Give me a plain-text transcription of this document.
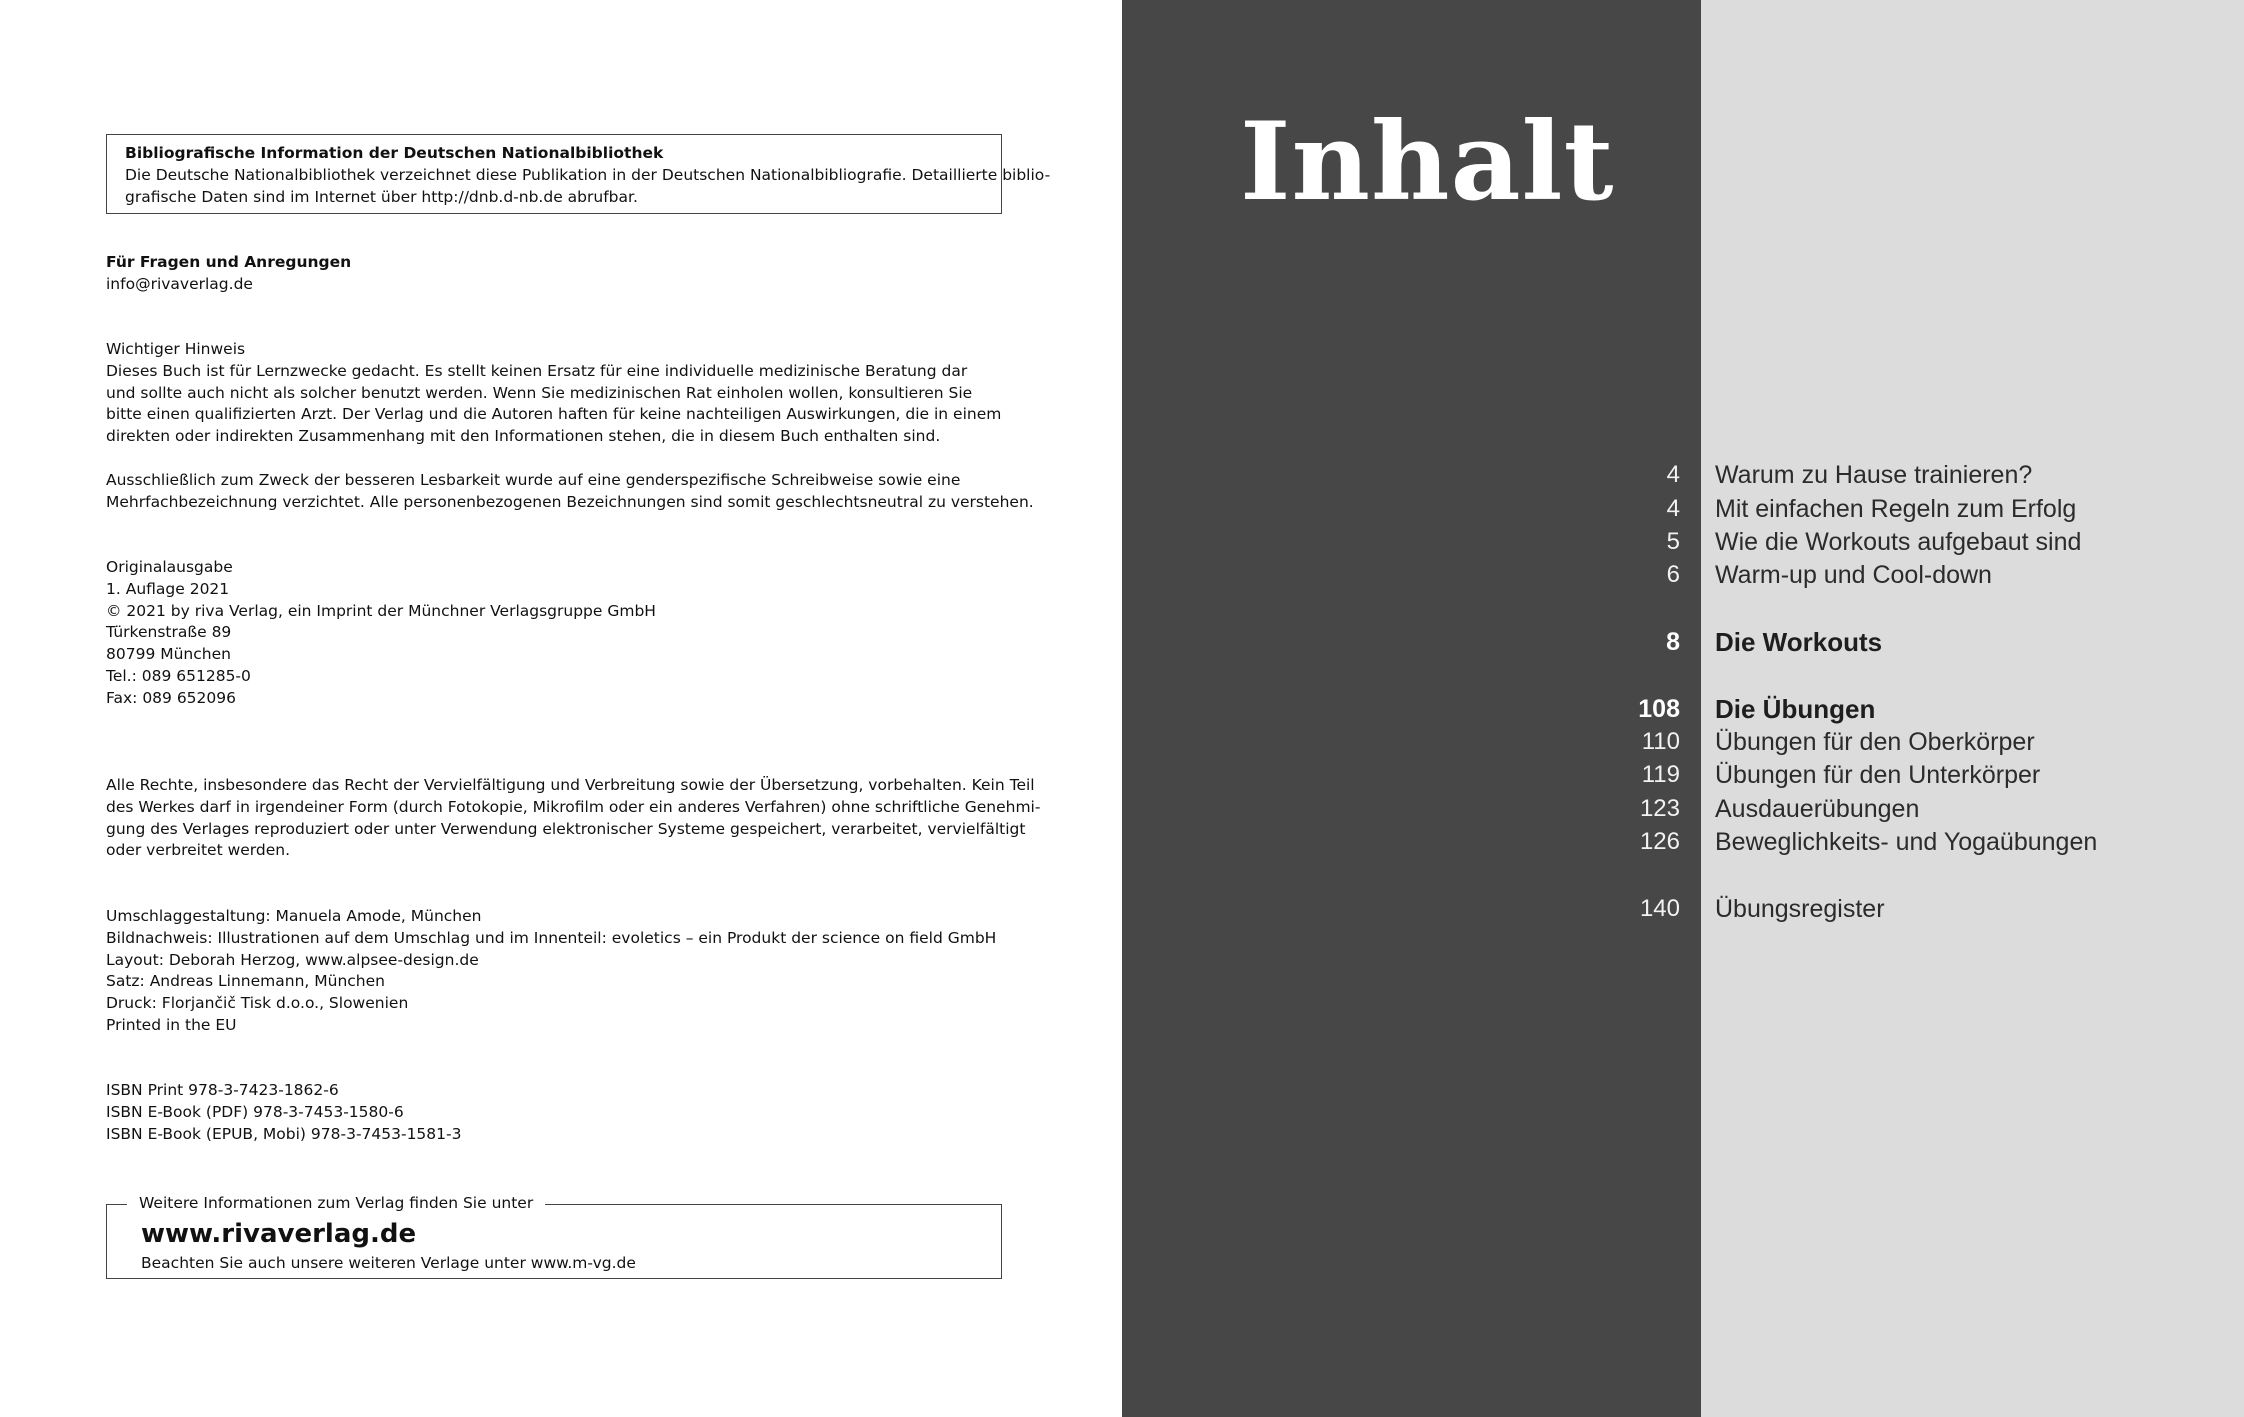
Bibliografische Information der Deutschen Nationalbibliothek
Die Deutsche Nationalbibliothek verzeichnet diese Publikation in der Deutschen Nationalbibliografie. Detaillierte biblio-
grafische Daten sind im Internet über http://dnb.d-nb.de abrufbar.
Für Fragen und Anregungen
info@rivaverlag.de
Wichtiger Hinweis
Dieses Buch ist für Lernzwecke gedacht. Es stellt keinen Ersatz für eine individuelle medizinische Beratung dar
und sollte auch nicht als solcher benutzt werden. Wenn Sie medizinischen Rat einholen wollen, konsultieren Sie
bitte einen qualifizierten Arzt. Der Verlag und die Autoren haften für keine nachteiligen Auswirkungen, die in einem
direkten oder indirekten Zusammenhang mit den Informationen stehen, die in diesem Buch enthalten sind.
Ausschließlich zum Zweck der besseren Lesbarkeit wurde auf eine genderspezifische Schreibweise sowie eine
Mehrfachbezeichnung verzichtet. Alle personenbezogenen Bezeichnungen sind somit geschlechtsneutral zu verstehen.
Originalausgabe
1. Auflage 2021
© 2021 by riva Verlag, ein Imprint der Münchner Verlagsgruppe GmbH
Türkenstraße 89
80799 München
Tel.: 089 651285-0
Fax: 089 652096
Alle Rechte, insbesondere das Recht der Vervielfältigung und Verbreitung sowie der Übersetzung, vorbehalten. Kein Teil
des Werkes darf in irgendeiner Form (durch Fotokopie, Mikrofilm oder ein anderes Verfahren) ohne schriftliche Genehmi-
gung des Verlages reproduziert oder unter Verwendung elektronischer Systeme gespeichert, verarbeitet, vervielfältigt
oder verbreitet werden.
Umschlaggestaltung: Manuela Amode, München
Bildnachweis: Illustrationen auf dem Umschlag und im Innenteil: evoletics – ein Produkt der science on field GmbH
Layout: Deborah Herzog, www.alpsee-design.de
Satz: Andreas Linnemann, München
Druck: Florjančič Tisk d.o.o., Slowenien
Printed in the EU
ISBN Print 978-3-7423-1862-6
ISBN E-Book (PDF) 978-3-7453-1580-6
ISBN E-Book (EPUB, Mobi) 978-3-7453-1581-3
Weitere Informationen zum Verlag finden Sie unter
www.rivaverlag.de
Beachten Sie auch unsere weiteren Verlage unter www.m-vg.de
Inhalt
4 Warum zu Hause trainieren?
4 Mit einfachen Regeln zum Erfolg
5 Wie die Workouts aufgebaut sind
6 Warm-up und Cool-down
8 Die Workouts
108 Die Übungen
110 Übungen für den Oberkörper
119 Übungen für den Unterkörper
123 Ausdauerübungen
126 Beweglichkeits- und Yogaübungen
140 Übungsregister
